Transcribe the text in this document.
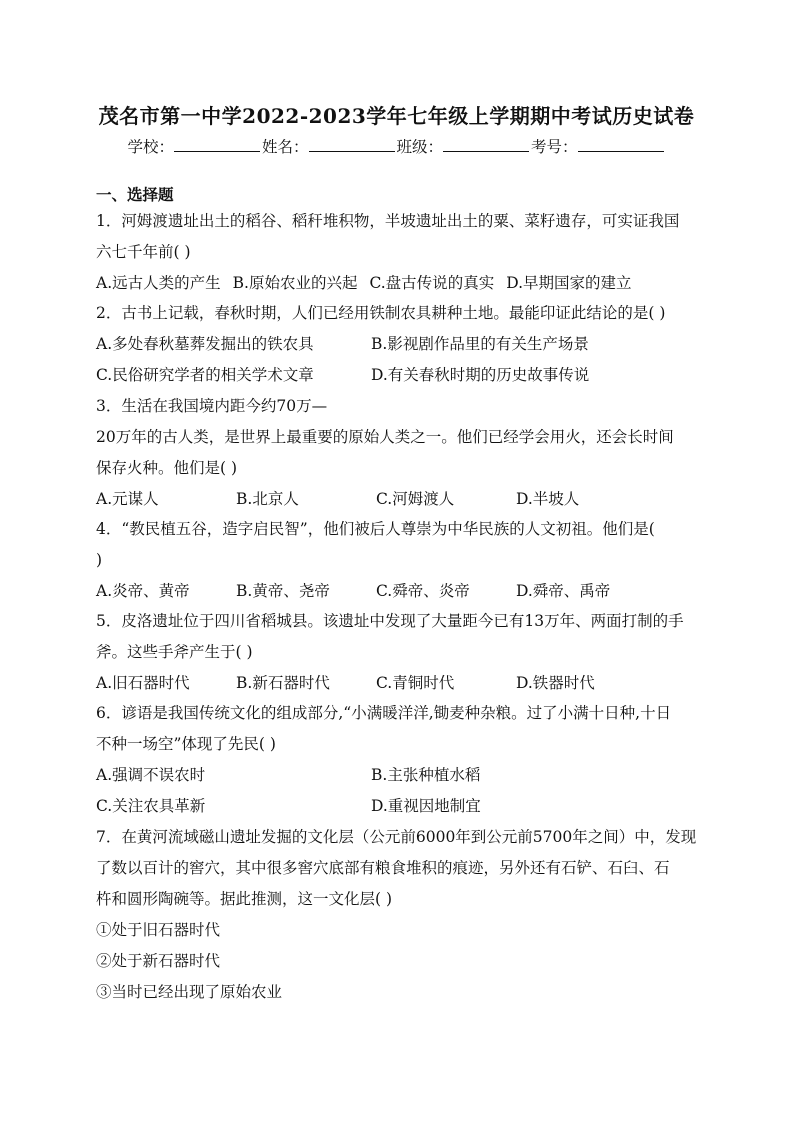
茂名市第一中学2022-2023学年七年级上学期期中考试历史试卷
学校：	姓名：	班级：	考号：
一、选择题

1．河姆渡遗址出土的稻谷、稻秆堆积物，半坡遗址出土的粟、菜籽遗存，可实证我国
六七千年前( )

A.远古人类的产生 B.原始农业的兴起 C.盘古传说的真实 D.早期国家的建立

2．古书上记载，春秋时期，人们已经用铁制农具耕种土地。最能印证此结论的是( )

A.多处春秋墓葬发掘出的铁农具	B.影视剧作品里的有关生产场景
C.民俗研究学者的相关学术文章	D.有关春秋时期的历史故事传说

3．生活在我国境内距今约70万—
20万年的古人类，是世界上最重要的原始人类之一。他们已经学会用火，还会长时间
保存火种。他们是( )

A.元谋人	B.北京人	C.河姆渡人	D.半坡人

4．“教民植五谷，造字启民智”，他们被后人尊崇为中华民族的人文初祖。他们是(
)

A.炎帝、黄帝	B.黄帝、尧帝	C.舜帝、炎帝	D.舜帝、禹帝

5．皮洛遗址位于四川省稻城县。该遗址中发现了大量距今已有13万年、两面打制的手
斧。这些手斧产生于( )

A.旧石器时代	B.新石器时代	C.青铜时代	D.铁器时代

6．谚语是我国传统文化的组成部分,“小满暖洋洋,锄麦种杂粮。过了小满十日种,十日
不种一场空”体现了先民( )

A.强调不误农时	B.主张种植水稻
C.关注农具革新	D.重视因地制宜

7．在黄河流域磁山遗址发掘的文化层（公元前6000年到公元前5700年之间）中，发现
了数以百计的窖穴，其中很多窖穴底部有粮食堆积的痕迹，另外还有石铲、石臼、石
杵和圆形陶碗等。据此推测，这一文化层( )

①处于旧石器时代
②处于新石器时代
③当时已经出现了原始农业
